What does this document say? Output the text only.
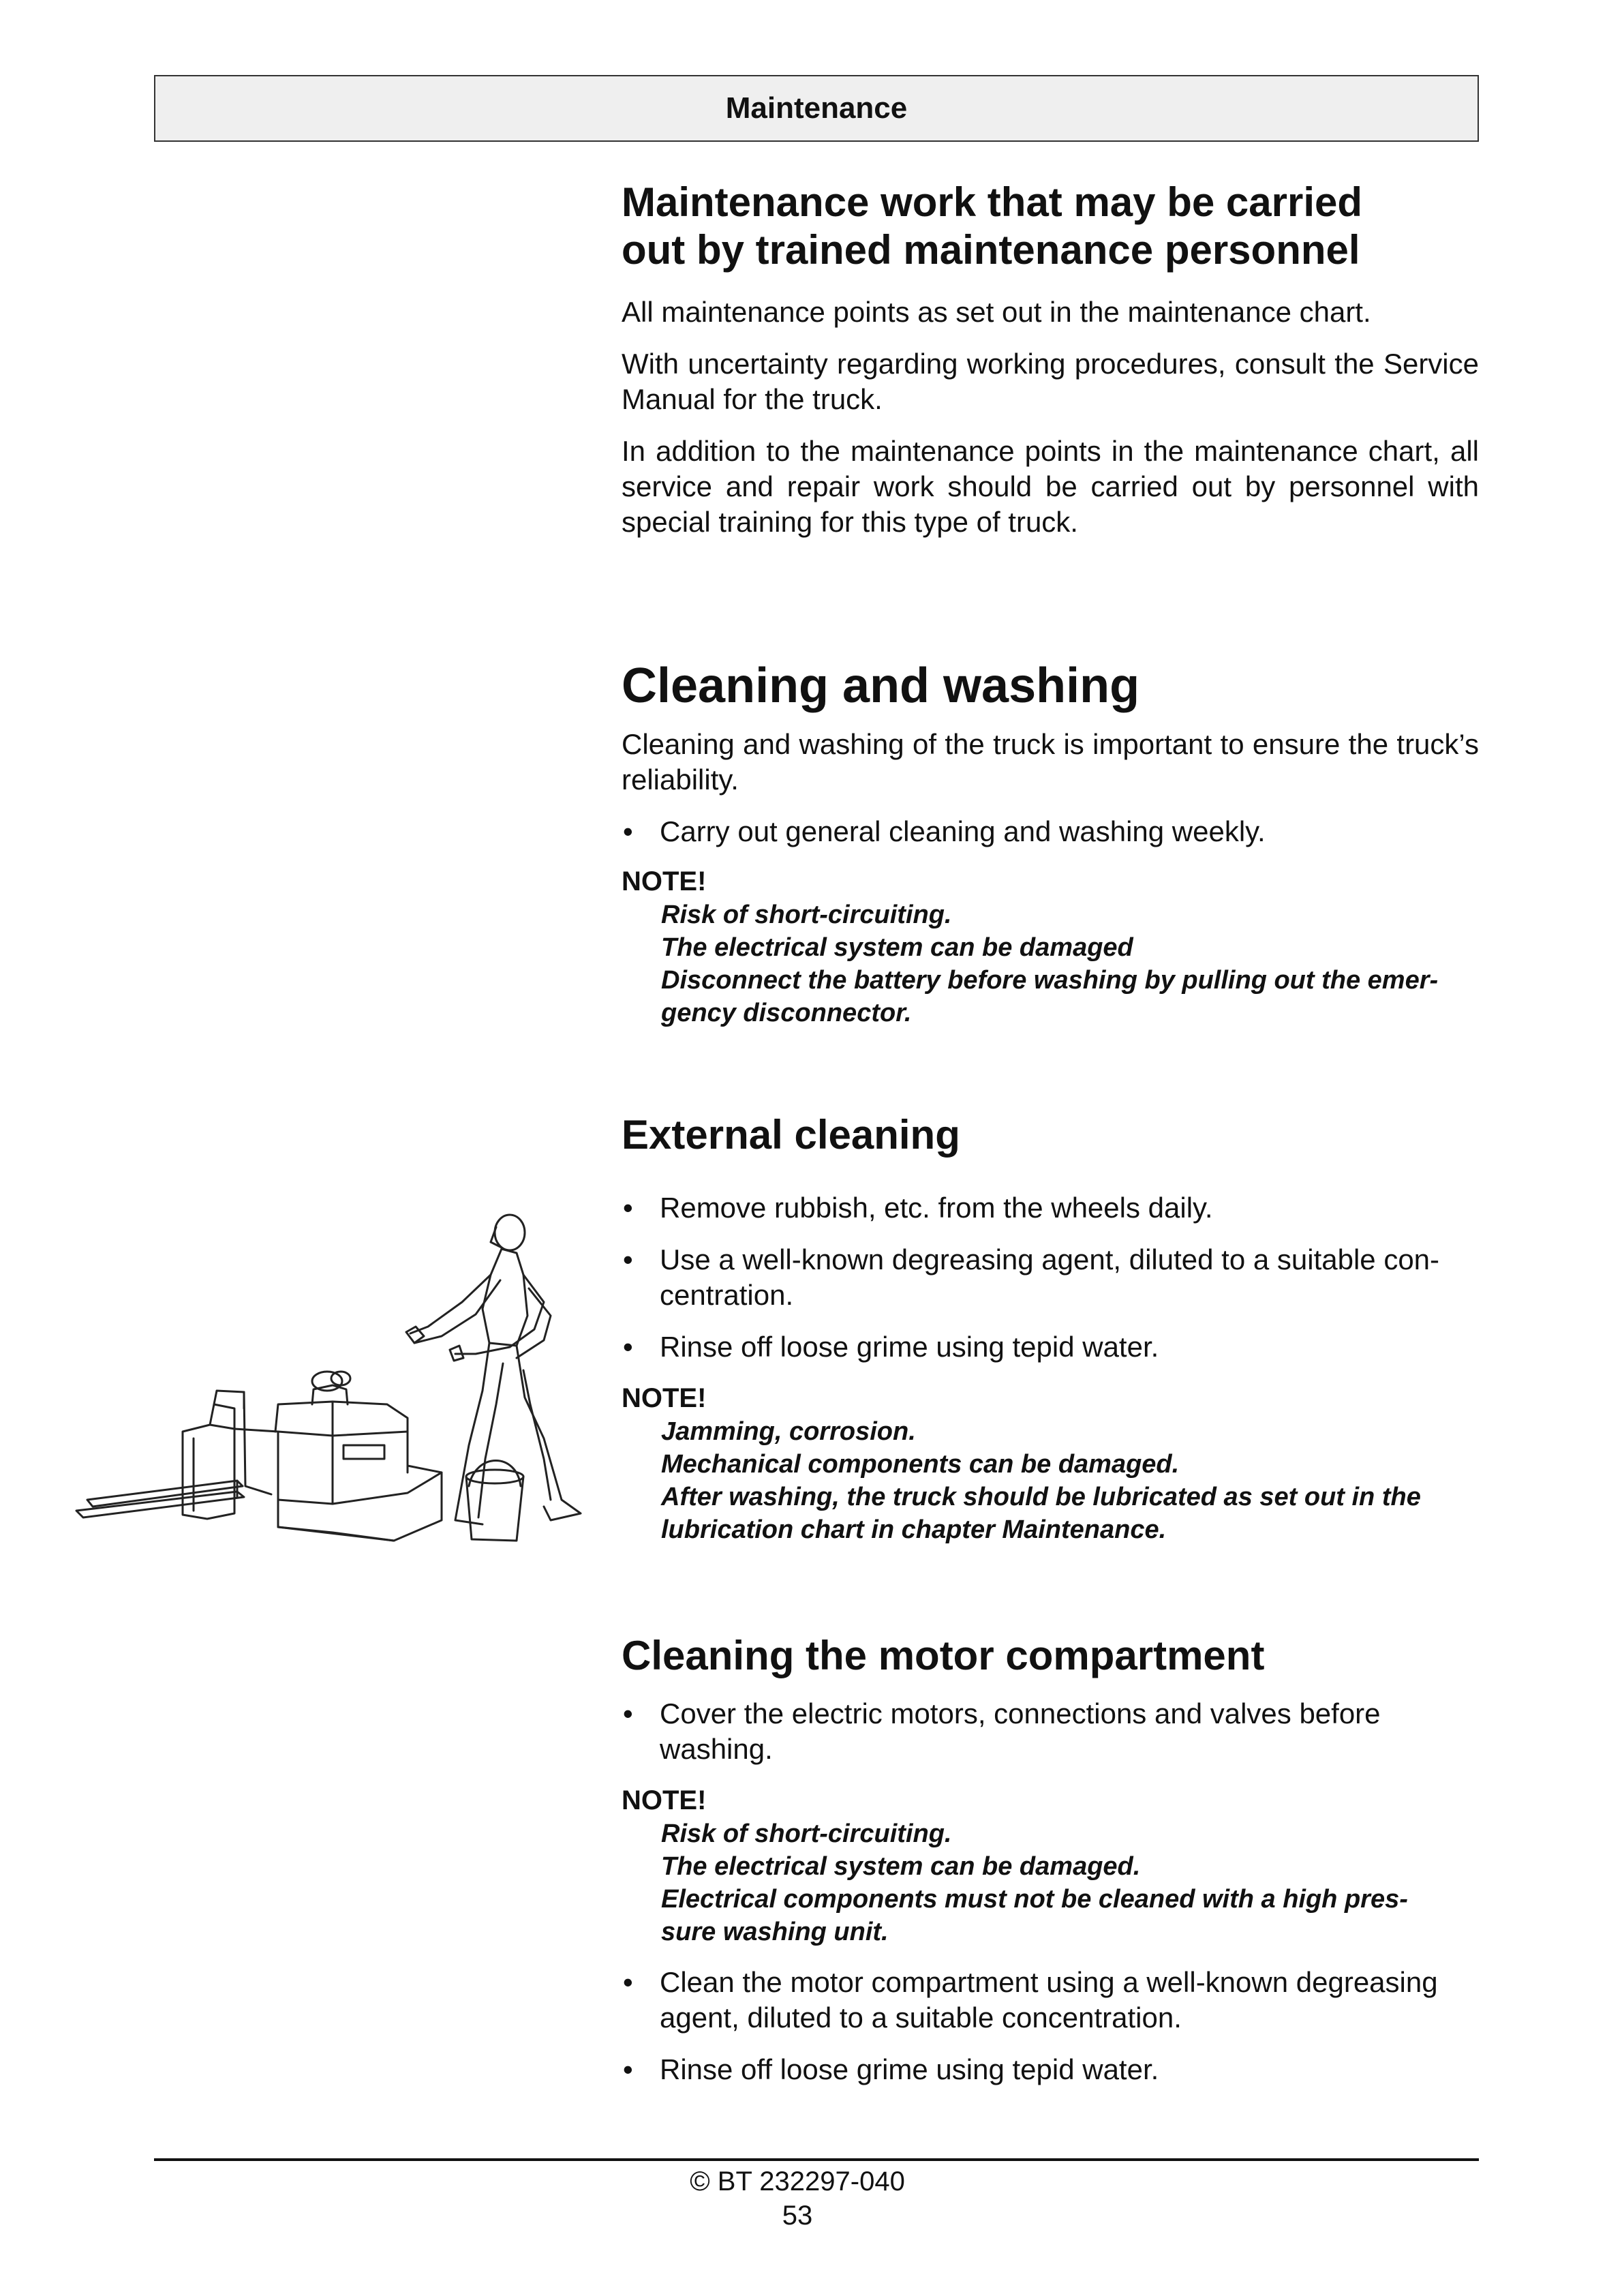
Maintenance
Maintenance work that may be carried
out by trained maintenance personnel

All maintenance points as set out in the maintenance chart.

With uncertainty regarding working procedures, consult the Service Manual for the truck.

In addition to the maintenance points in the maintenance chart, all service and repair work should be carried out by personnel with special training for this type of truck.

Cleaning and washing

Cleaning and washing of the truck is important to ensure the truck’s reliability.

• Carry out general cleaning and washing weekly.
NOTE!
Risk of short-circuiting.
The electrical system can be damaged
Disconnect the battery before washing by pulling out the emer-
gency disconnector.
External cleaning
• Remove rubbish, etc. from the wheels daily.
• Use a well-known degreasing agent, diluted to a suitable con-centration.
• Rinse off loose grime using tepid water.
NOTE!
Jamming, corrosion.
Mechanical components can be damaged.
After washing, the truck should be lubricated as set out in the
lubrication chart in chapter Maintenance.
Cleaning the motor compartment
• Cover the electric motors, connections and valves before washing.
NOTE!
Risk of short-circuiting.
The electrical system can be damaged.
Electrical components must not be cleaned with a high pres-
sure washing unit.
• Clean the motor compartment using a well-known degreasing agent, diluted to a suitable concentration.
• Rinse off loose grime using tepid water.
© BT 232297-040
53
